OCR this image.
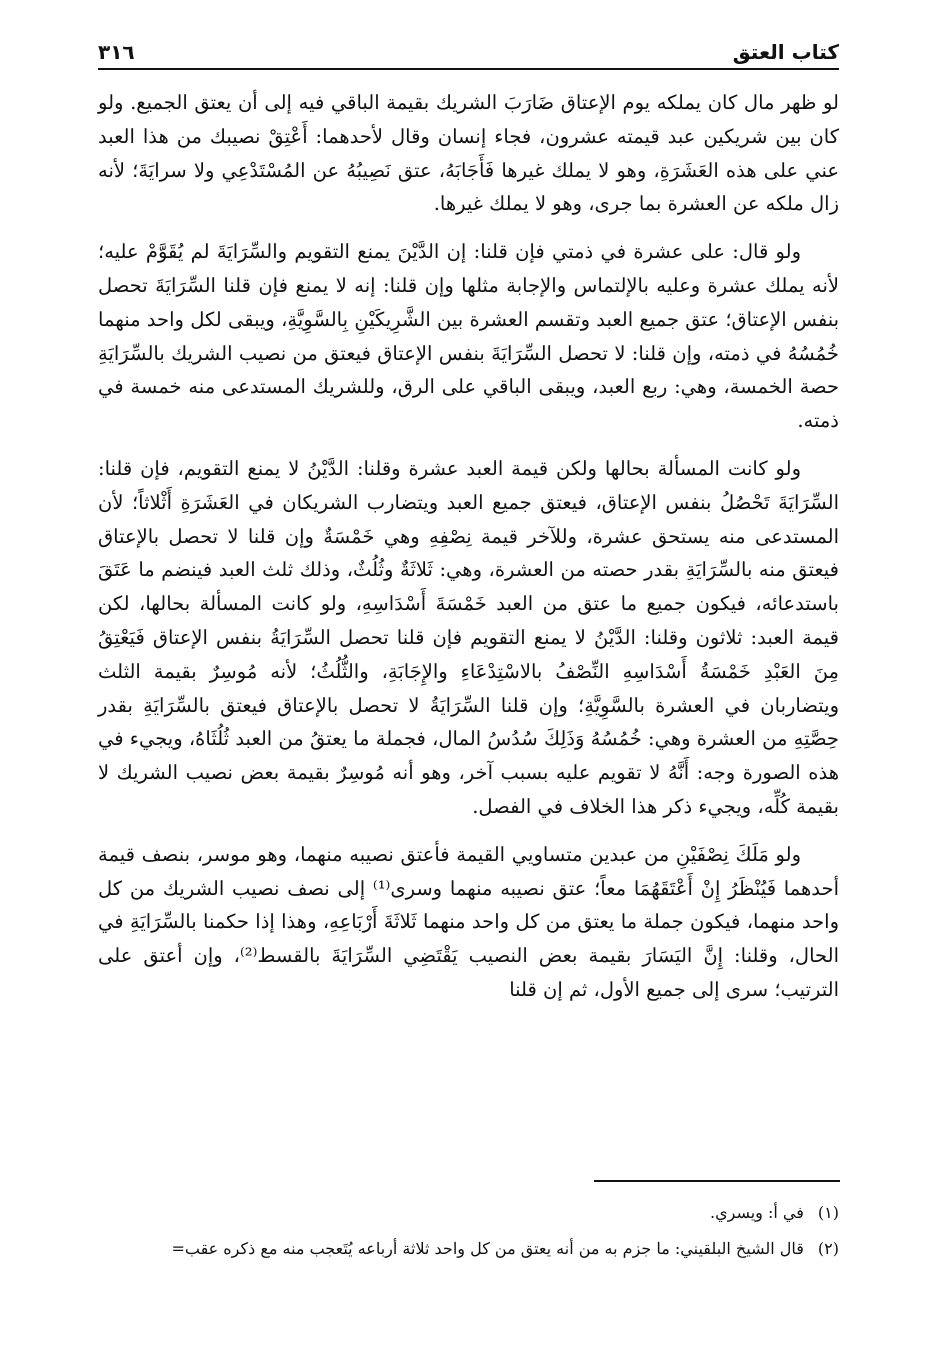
كتاب العتق
٣١٦

لو ظهر مال كان يملكه يوم الإعتاق ضَارَبَ الشريك بقيمة الباقي فيه إلى أن يعتق الجميع. ولو كان بين شريكين عبد قيمته عشرون، فجاء إنسان وقال لأحدهما: أَعْتِقْ نصيبك من هذا العبد عني على هذه العَشَرَةِ، وهو لا يملك غيرها فَأَجَابَهُ، عتق نَصِيبُهُ عن المُسْتَدْعِي ولا سرايَةَ؛ لأنه زال ملكه عن العشرة بما جرى، وهو لا يملك غيرها.

ولو قال: على عشرة في ذمتي فإن قلنا: إن الدَّيْنَ يمنع التقويم والسِّرَايَةَ لم يُقَوَّمْ عليه؛ لأنه يملك عشرة وعليه بالإلتماس والإجابة مثلها وإن قلنا: إنه لا يمنع فإن قلنا السِّرَايَةَ تحصل بنفس الإعتاق؛ عتق جميع العبد وتقسم العشرة بين الشَّرِيكَيْنِ بِالسَّوِيَّةِ، ويبقى لكل واحد منهما خُمُسُهُ في ذمته، وإن قلنا: لا تحصل السِّرَايَةَ بنفس الإعتاق فيعتق من نصيب الشريك بالسِّرَايَةِ حصة الخمسة، وهي: ربع العبد، ويبقى الباقي على الرق، وللشريك المستدعى منه خمسة في ذمته.

ولو كانت المسألة بحالها ولكن قيمة العبد عشرة وقلنا: الدَّيْنُ لا يمنع التقويم، فإن قلنا: السِّرَايَةَ تَحْصُلُ بنفس الإعتاق، فيعتق جميع العبد ويتضارب الشريكان في العَشَرَةِ أَثْلاثاً؛ لأن المستدعى منه يستحق عشرة، وللآخر قيمة نِصْفِهِ وهي خَمْسَةٌ وإن قلنا لا تحصل بالإعتاق فيعتق منه بالسِّرَايَةِ بقدر حصته من العشرة، وهي: ثَلاثَةٌ وثُلُثٌ، وذلك ثلث العبد فينضم ما عَتَقَ باستدعائه، فيكون جميع ما عتق من العبد خَمْسَةَ أَسْدَاسِهِ، ولو كانت المسألة بحالها، لكن قيمة العبد: ثلاثون وقلنا: الدَّيْنُ لا يمنع التقويم فإن قلنا تحصل السِّرَايَةُ بنفس الإعتاق فَيَعْتِقُ مِنَ العَبْدِ خَمْسَةُ أَسْدَاسِهِ النِّصْفُ بالاسْتِدْعَاءِ والإِجَابَةِ، والثُّلُثُ؛ لأنه مُوسِرٌ بقيمة الثلث ويتضاربان في العشرة بالسَّوِيَّةِ؛ وإن قلنا السِّرَايَةُ لا تحصل بالإعتاق فيعتق بالسِّرَايَةِ بقدر حِصَّتِهِ من العشرة وهي: خُمُسُهُ وَذَلِكَ سُدُسُ المال، فجملة ما يعتقُ من العبد ثُلُثَاهُ، ويجيء في هذه الصورة وجه: أَنَّهُ لا تقويم عليه بسبب آخر، وهو أنه مُوسِرٌ بقيمة بعض نصيب الشريك لا بقيمة كُلِّه، ويجيء ذكر هذا الخلاف في الفصل.

ولو مَلَكَ نِصْفَيْنِ من عبدين متساويي القيمة فأعتق نصيبه منهما، وهو موسر، بنصف قيمة أحدهما فَيُنْظَرُ إِنْ أَعْتَقَهُمَا معاً؛ عتق نصيبه منهما وسرى⁽¹⁾ إلى نصف نصيب الشريك من كل واحد منهما، فيكون جملة ما يعتق من كل واحد منهما ثَلاثَةَ أَرْبَاعِهِ، وهذا إذا حكمنا بالسِّرَايَةِ في الحال، وقلنا: إِنَّ اليَسَارَ بقيمة بعض النصيب يَقْتَضِي السِّرَايَةَ بالقسط⁽²⁾، وإن أعتق على الترتيب؛ سرى إلى جميع الأول، ثم إن قلنا

(١)في أ: ويسري.

(٢)قال الشيخ البلقيني: ما جزم به من أنه يعتق من كل واحد ثلاثة أرباعه يُتَعجب منه مع ذكره عقب=
